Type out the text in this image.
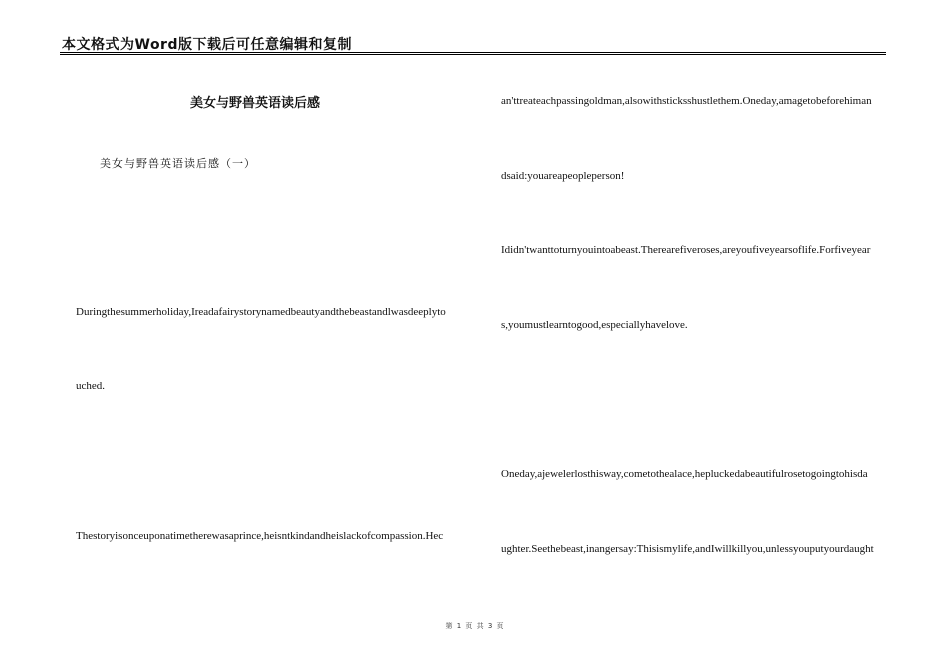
本文格式为Word版下载后可任意编辑和复制
美女与野兽英语读后感
美女与野兽英语读后感（一）
Duringthesummerholiday,Ireadafairystorynamedbeautyandthebeastandlwasdeeplyto
uched.
Thestoryisonceuponatimetherewasaprince,heisntkindandheislackofcompassion.Hec
an'ttreateachpassingoldman,alsowithsticksshustlethem.Oneday,amagetobeforehiman
dsaid:youareapeopleperson!
Ididn'twanttoturnyouintoabeast.Therearefiveroses,areyoufiveyearsoflife.Forfiveyear
s,youmustlearntogood,especiallyhavelove.
Oneday,ajewelerlosthisway,cometothealace,hepluckedabeautifulrosetogoingtohisda
ughter.Seethebeast,inangersay:Thisismylife,andIwillkillyou,unlessyouputyourdaught
第 1 页 共 3 页
